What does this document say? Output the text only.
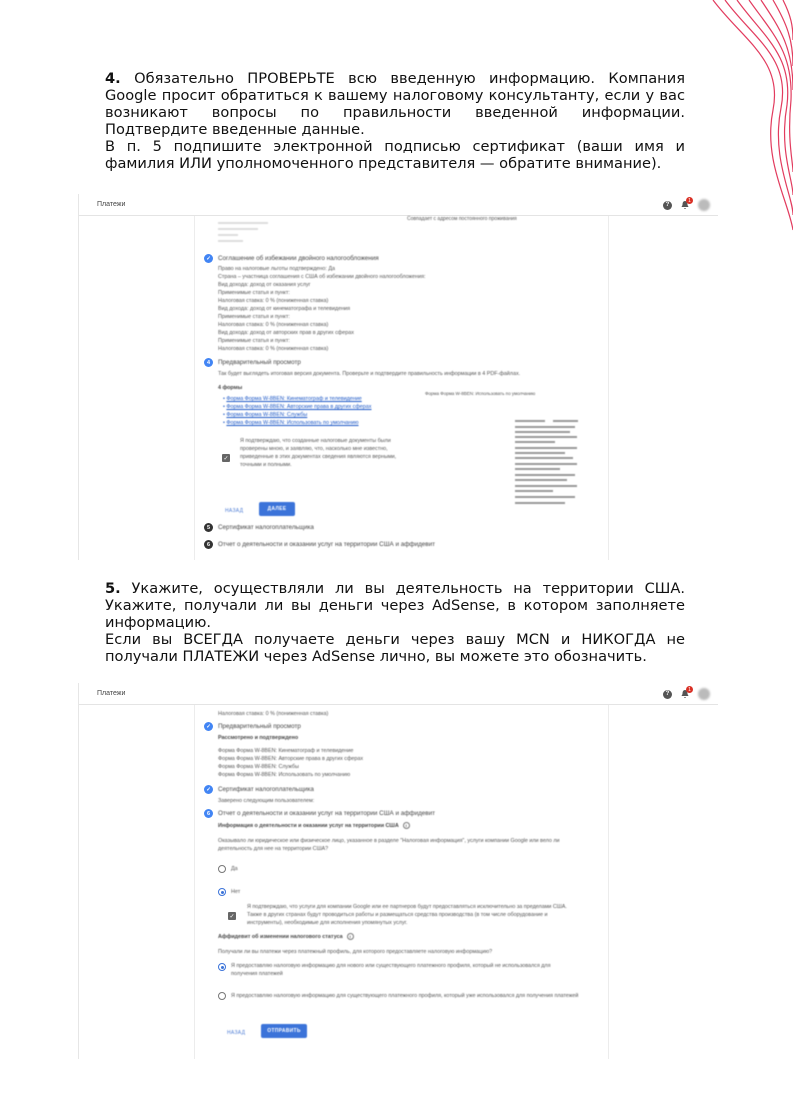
4. Обязательно ПРОВЕРЬТЕ всю введенную информацию. Компания Google просит обратиться к вашему налоговому консультанту, если у вас возникают вопросы по правильности введенной информации. Подтвердите введенные данные.

В п. 5 подпишите электронной подписью сертификат (ваши имя и фамилия ИЛИ уполномоченного представителя — обратите внимание).

Платежи	?
1
Совпадает с адресом постоянного проживания
✓	Соглашение об избежании двойного налогообложения
Право на налоговые льготы подтверждено: Да
Страна – участница соглашения с США об избежании двойного налогообложения:
Вид дохода: доход от оказания услуг
Применимые статья и пункт:
Налоговая ставка: 0 % (пониженная ставка)
Вид дохода: доход от кинематографа и телевидения
Применимые статья и пункт:
Налоговая ставка: 0 % (пониженная ставка)
Вид дохода: доход от авторских прав в других сферах
Применимые статья и пункт:
Налоговая ставка: 0 % (пониженная ставка)
4	Предварительный просмотр
Так будет выглядеть итоговая версия документа. Проверьте и подтвердите правильность информации в 4 PDF-файлах.
4 формы
• Форма Форма W-8BEN: Кинематограф и телевидение
• Форма Форма W-8BEN: Авторские права в других сферах
• Форма Форма W-8BEN: Службы
• Форма Форма W-8BEN: Использовать по умолчанию
Форма Форма W-8BEN: Использовать по умолчанию
✓
Я подтверждаю, что созданные налоговые документы были
проверены мною, и заявляю, что, насколько мне известно,
приведенные в этих документах сведения являются верными,
точными и полными.
НАЗАД	ДАЛЕЕ
5	Сертификат налогоплательщика
6	Отчет о деятельности и оказании услуг на территории США и аффидевит

5. Укажите, осуществляли ли вы деятельность на территории США. Укажите, получали ли вы деньги через AdSense, в котором заполняете информацию.

Если вы ВСЕГДА получаете деньги через вашу MCN и НИКОГДА не получали ПЛАТЕЖИ через AdSense лично, вы можете это обозначить.

Платежи	?
1
Налоговая ставка: 0 % (пониженная ставка)
✓	Предварительный просмотр
Рассмотрено и подтверждено
Форма Форма W-8BEN: Кинематограф и телевидение
Форма Форма W-8BEN: Авторские права в других сферах
Форма Форма W-8BEN: Службы
Форма Форма W-8BEN: Использовать по умолчанию
✓	Сертификат налогоплательщика
Заверено следующим пользователем:
6	Отчет о деятельности и оказании услуг на территории США и аффидевит
Информация о деятельности и оказании услуг на территории США i
Оказывало ли юридическое или физическое лицо, указанное в разделе "Налоговая информация", услуги компании Google или вело ли
деятельность для нее на территории США?
Да
Нет
✓
Я подтверждаю, что услуги для компании Google или ее партнеров будут предоставляться исключительно за пределами США.
Также в других странах будут проводиться работы и размещаться средства производства (в том числе оборудование и
инструменты), необходимые для исполнения упомянутых услуг.
Аффидевит об изменении налогового статуса i
Получали ли вы платежи через платежный профиль, для которого предоставляете налоговую информацию?
Я предоставляю налоговую информацию для нового или существующего платежного профиля, который не использовался для
получения платежей
Я предоставляю налоговую информацию для существующего платежного профиля, который уже использовался для получения платежей
НАЗАД	ОТПРАВИТЬ
